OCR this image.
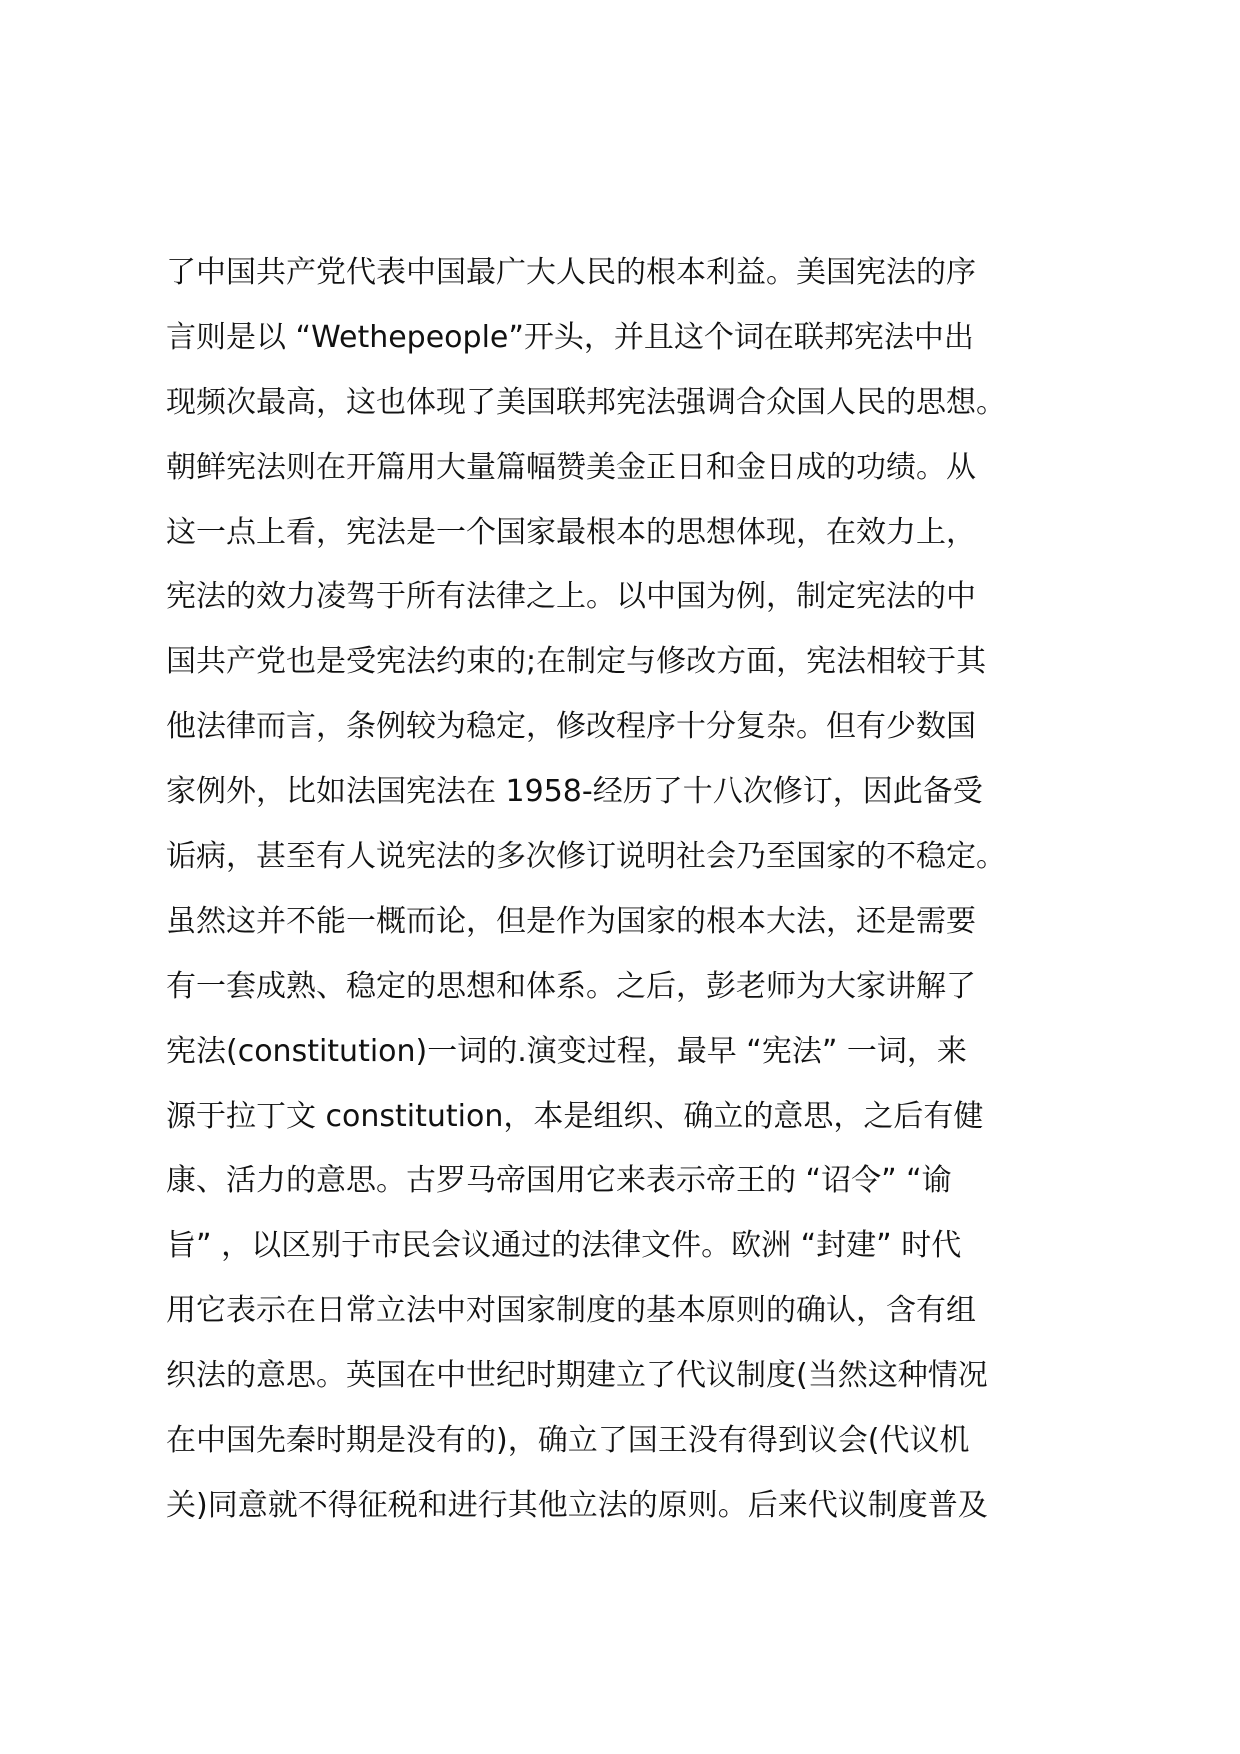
了中国共产党代表中国最广大人民的根本利益。美国宪法的序
言则是以 “Wethepeople”开头，并且这个词在联邦宪法中出
现频次最高，这也体现了美国联邦宪法强调合众国人民的思想。
朝鲜宪法则在开篇用大量篇幅赞美金正日和金日成的功绩。从
这一点上看，宪法是一个国家最根本的思想体现，在效力上，
宪法的效力凌驾于所有法律之上。以中国为例，制定宪法的中
国共产党也是受宪法约束的;在制定与修改方面，宪法相较于其
他法律而言，条例较为稳定，修改程序十分复杂。但有少数国
家例外，比如法国宪法在 1958-经历了十八次修订，因此备受
诟病，甚至有人说宪法的多次修订说明社会乃至国家的不稳定。
虽然这并不能一概而论，但是作为国家的根本大法，还是需要
有一套成熟、稳定的思想和体系。之后，彭老师为大家讲解了
宪法(constitution)一词的.演变过程，最早 “宪法” 一词，来
源于拉丁文 constitution，本是组织、确立的意思，之后有健
康、活力的意思。古罗马帝国用它来表示帝王的 “诏令” “谕
旨” ，以区别于市民会议通过的法律文件。欧洲 “封建” 时代
用它表示在日常立法中对国家制度的基本原则的确认，含有组
织法的意思。英国在中世纪时期建立了代议制度(当然这种情况
在中国先秦时期是没有的)，确立了国王没有得到议会(代议机
关)同意就不得征税和进行其他立法的原则。后来代议制度普及
